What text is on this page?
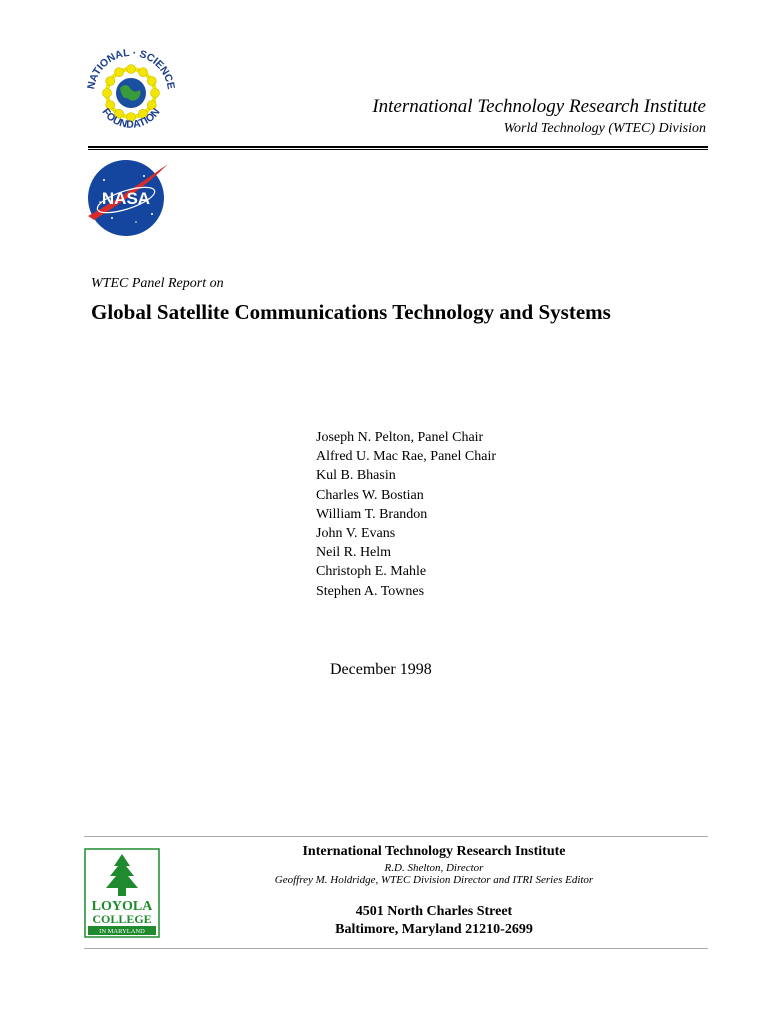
NATIONAL · SCIENCE
FOUNDATION	International Technology Research Institute
World Technology (WTEC) Division
NASA
WTEC Panel Report on
Global Satellite Communications Technology and Systems
Joseph N. Pelton, Panel Chair
Alfred U. Mac Rae, Panel Chair
Kul B. Bhasin
Charles W. Bostian
William T. Brandon
John V. Evans
Neil R. Helm
Christoph E. Mahle
Stephen A. Townes
December 1998
LOYOLA
COLLEGE
IN MARYLAND
International Technology Research Institute
R.D. Shelton, Director
Geoffrey M. Holdridge, WTEC Division Director and ITRI Series Editor
4501 North Charles Street
Baltimore, Maryland 21210-2699
